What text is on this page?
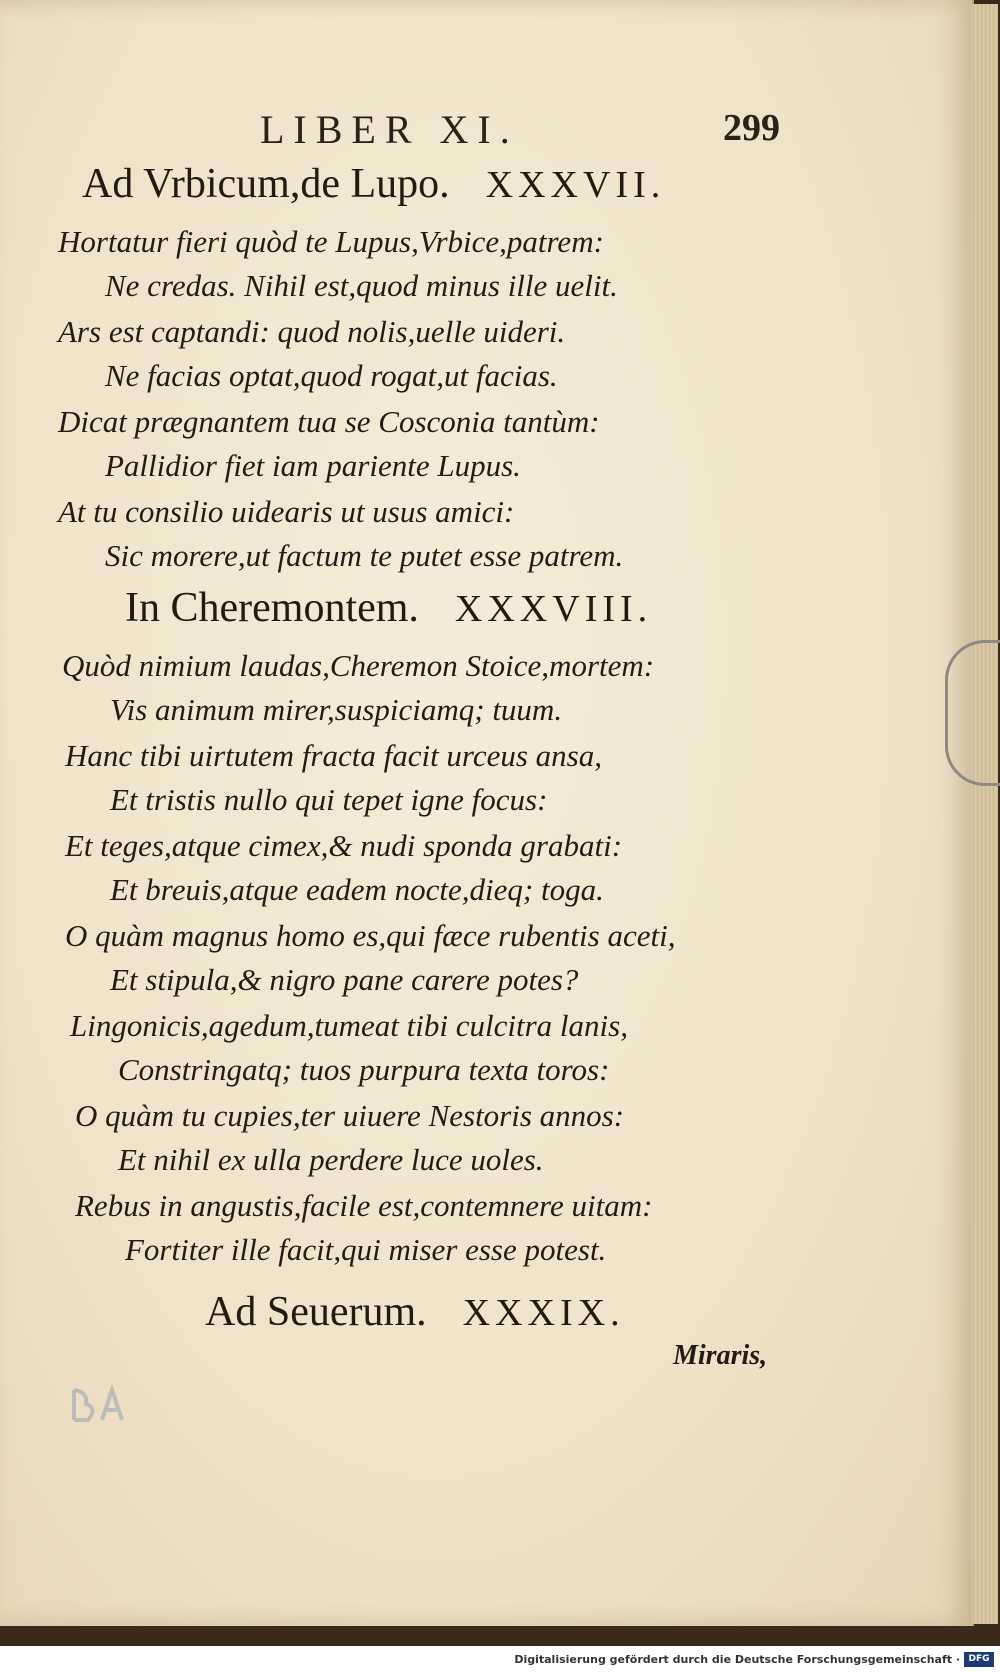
LIBER XI.	299
Ad Vrbicum,de Lupo. XXXVII.
Hortatur fieri quòd te Lupus,Vrbice,patrem:
Ne credas. Nihil est,quod minus ille uelit.
Ars est captandi: quod nolis,uelle uideri.
Ne facias optat,quod rogat,ut facias.
Dicat prægnantem tua se Cosconia tantùm:
Pallidior fiet iam pariente Lupus.
At tu consilio uidearis ut usus amici:
Sic morere,ut factum te putet esse patrem.
In Cheremontem. XXXVIII.
Quòd nimium laudas,Cheremon Stoice,mortem:
Vis animum mirer,suspiciamq; tuum.
Hanc tibi uirtutem fracta facit urceus ansa,
Et tristis nullo qui tepet igne focus:
Et teges,atque cimex,& nudi sponda grabati:
Et breuis,atque eadem nocte,dieq; toga.
O quàm magnus homo es,qui fæce rubentis aceti,
Et stipula,& nigro pane carere potes?
Lingonicis,agedum,tumeat tibi culcitra lanis,
Constringatq; tuos purpura texta toros:
O quàm tu cupies,ter uiuere Nestoris annos:
Et nihil ex ulla perdere luce uoles.
Rebus in angustis,facile est,contemnere uitam:
Fortiter ille facit,qui miser esse potest.
Ad Seuerum. XXXIX.
Miraris,
Digitalisierung gefördert durch die Deutsche Forschungsgemeinschaft · DFG
